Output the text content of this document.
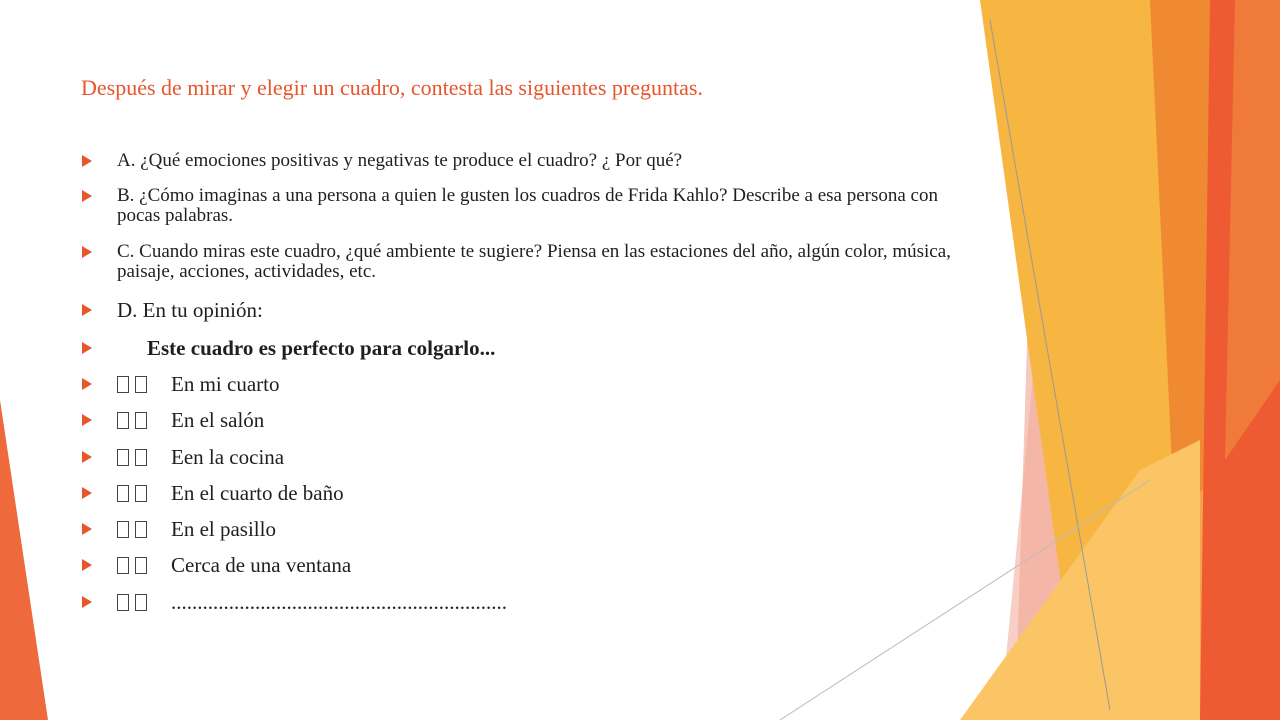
Después de mirar y elegir un cuadro, contesta las siguientes preguntas.
A. ¿Qué emociones positivas y negativas te produce el cuadro? ¿ Por qué?
B. ¿Cómo imaginas a una persona a quien le gusten los cuadros de Frida Kahlo? Describe a esa persona con pocas palabras.
C. Cuando miras este cuadro, ¿qué ambiente te sugiere? Piensa en las estaciones del año, algún color, música, paisaje, acciones, actividades, etc.
D. En tu opinión:
Este cuadro es perfecto para colgarlo...
En mi cuarto
En el salón
Een la cocina
En el cuarto de baño
En el pasillo
Cerca de una ventana
................................................................
